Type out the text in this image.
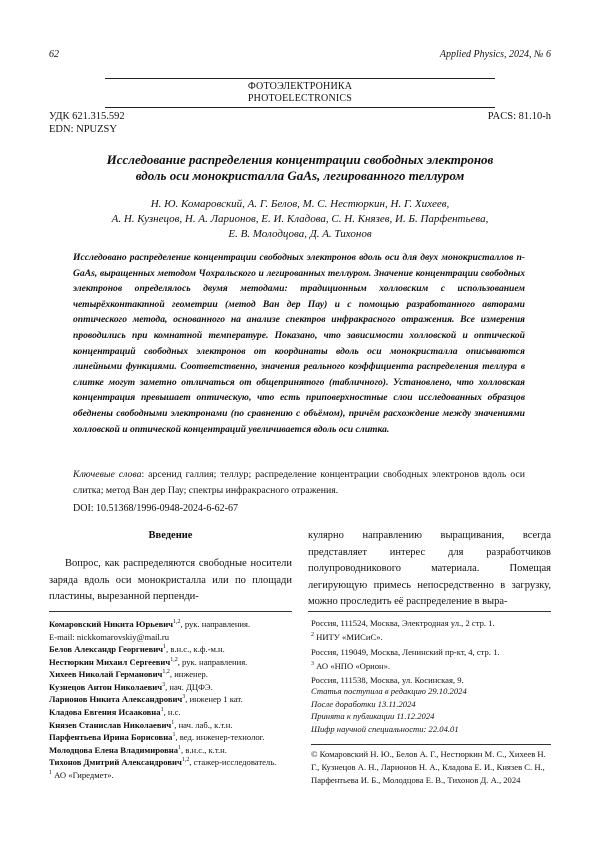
62	Applied Physics, 2024, № 6
ФОТОЭЛЕКТРОНИКА
PHOTOELECTRONICS
УДК 621.315.592
EDN: NPUZSY
PACS: 81.10-h
Исследование распределения концентрации свободных электронов
вдоль оси монокристалла GaAs, легированного теллуром
Н. Ю. Комаровский, А. Г. Белов, М. С. Нестюркин, Н. Г. Хихеев,
А. Н. Кузнецов, Н. А. Ларионов, Е. И. Кладова, С. Н. Князев, И. Б. Парфентьева,
Е. В. Молодцова, Д. А. Тихонов
Исследовано распределение концентрации свободных электронов вдоль оси для двух монокристаллов n-GaAs, выращенных методом Чохральского и легированных теллуром. Значение концентрации свободных электронов определялось двумя методами: традиционным холловским с использованием четырёхконтактной геометрии (метод Ван дер Пау) и с помощью разработанного авторами оптического метода, основанного на анализе спектров инфракрасного отражения. Все измерения проводились при комнатной температуре. Показано, что зависимости холловской и оптической концентраций свободных электронов от координаты вдоль оси монокристалла описываются линейными функциями. Соответственно, значения реального коэффициента распределения теллура в слитке могут заметно отличаться от общепринятого (табличного). Установлено, что холловская концентрация превышает оптическую, что есть приповерхностные слои исследованных образцов обеднены свободными электронами (по сравнению с объёмом), причём расхождение между значениями холловской и оптической концентраций увеличивается вдоль оси слитка.
Ключевые слова: арсенид галлия; теллур; распределение концентрации свободных электронов вдоль оси слитка; метод Ван дер Пау; спектры инфракрасного отражения.
DOI: 10.51368/1996-0948-2024-6-62-67
Введение
Вопрос, как распределяются свободные носители заряда вдоль оси монокристалла или по площади пластины, вырезанной перпенди-
кулярно направлению выращивания, всегда представляет интерес для разработчиков полупроводникового материала. Помещая легирующую примесь непосредственно в загрузку, можно проследить её распределение в выра-
Комаровский Никита Юрьевич$^{1,2}$, рук. направления.
E-mail: nickkomarovskiy@mail.ru
Белов Александр Георгиевич$^1$, в.н.с., к.ф.-м.н.
Нестюркин Михаил Сергеевич$^{1,2}$, рук. направления.
Хихеев Николай Германович$^{1,2}$, инженер.
Кузнецов Антон Николаевич$^3$, нач. ДЦФЭ.
Ларионов Никита Александрович$^3$, инженер 1 кат.
Кладова Евгения Исааковна$^1$, н.с.
Князев Станислав Николаевич$^1$, нач. лаб., к.т.н.
Парфентьева Ирина Борисовна$^1$, вед. инженер-технолог.
Молодцова Елена Владимировна$^1$, в.н.с., к.т.н.
Тихонов Дмитрий Александрович$^{1,2}$, стажер-исследователь.
$^1$ АО «Гиредмет».
Россия, 111524, Москва, Электродная ул., 2 стр. 1.
$^2$ НИТУ «МИСиС».
Россия, 119049, Москва, Ленинский пр-кт, 4, стр. 1.
$^3$ АО «НПО «Орион».
Россия, 111538, Москва, ул. Косинская, 9.
Статья поступила в редакцию 29.10.2024
После доработки 13.11.2024
Принята к публикации 11.12.2024
Шифр научной специальности: 22.04.01
© Комаровский Н. Ю., Белов А. Г., Нестюркин М. С., Хихеев Н. Г., Кузнецов А. Н., Ларионов Н. А., Кладова Е. И., Князев С. Н., Парфентьева И. Б., Молодцова Е. В., Тихонов Д. А., 2024
